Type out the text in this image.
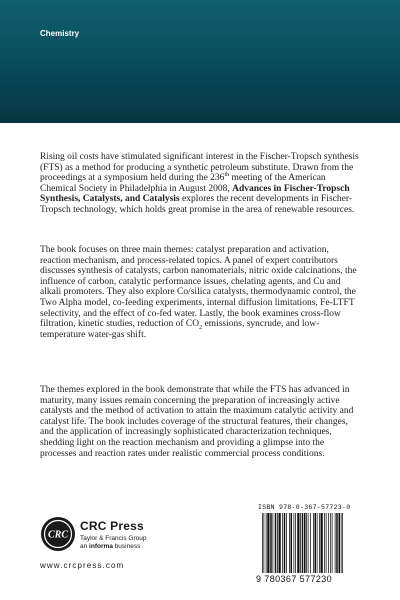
Chemistry
Rising oil costs have stimulated significant interest in the Fischer-Tropsch synthesis (FTS) as a method for producing a synthetic petroleum substitute. Drawn from the proceedings at a symposium held during the 236th meeting of the American Chemical Society in Philadelphia in August 2008, Advances in Fischer-Tropsch Synthesis, Catalysts, and Catalysis explores the recent developments in Fischer-Tropsch technology, which holds great promise in the area of renewable resources.
The book focuses on three main themes: catalyst preparation and activation, reaction mechanism, and process-related topics. A panel of expert contributors discusses synthesis of catalysts, carbon nanomaterials, nitric oxide calcinations, the influence of carbon, catalytic performance issues, chelating agents, and Cu and alkali promoters. They also explore Co/silica catalysts, thermodynamic control, the Two Alpha model, co-feeding experiments, internal diffusion limitations, Fe-LTFT selectivity, and the effect of co-fed water. Lastly, the book examines cross-flow filtration, kinetic studies, reduction of $CO_2$ emissions, syncrude, and low-temperature water-gas shift.
The themes explored in the book demonstrate that while the FTS has advanced in maturity, many issues remain concerning the preparation of increasingly active catalysts and the method of activation to attain the maximum catalytic activity and catalyst life. The book includes coverage of the structural features, their changes, and the application of increasingly sophisticated characterization techniques, shedding light on the reaction mechanism and providing a glimpse into the processes and reaction rates under realistic commercial process conditions.
CRC
CRC Press
Taylor & Francis Group
an informa business
www.crcpress.com
ISBN 978-0-367-57723-0
9 780367 577230
